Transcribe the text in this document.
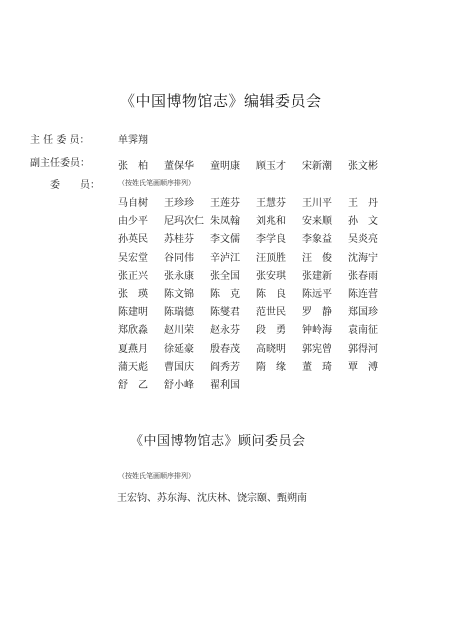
《中国博物馆志》编辑委员会
主 任 委 员：	单霁翔
副主任委员：	张　柏 董保华 童明康 顾玉才 宋新潮 张文彬
委　　员：	（按姓氏笔画顺序排列）
马自树 王珍珍 王莲芬 王慧芬 王川平 王　丹
由少平 尼玛次仁 朱凤翰 刘兆和 安来顺 孙　文
孙英民 苏桂芬 李文儒 李学良 李象益 吴炎亮
吴宏堂 谷同伟 辛泸江 汪顶胜 汪　俊 沈海宁
张正兴 张永康 张全国 张安琪 张建新 张春雨
张　瑛 陈文锦 陈　克 陈　良 陈远平 陈连营
陈建明 陈瑞德 陈燮君 范世民 罗　静 郑国珍
郑欣淼 赵川荣 赵永芬 段　勇 钟岭海 袁南征
夏燕月 徐延豪 殷春茂 高晓明 郭宪曾 郭得河
蒲天彪 曹国庆 阎秀芳 隋　缘 董　琦 覃　溥
舒　乙 舒小峰 翟利国
《中国博物馆志》顾问委员会
（按姓氏笔画顺序排列）
王宏钧、苏东海、沈庆林、饶宗颐、甄朔南
